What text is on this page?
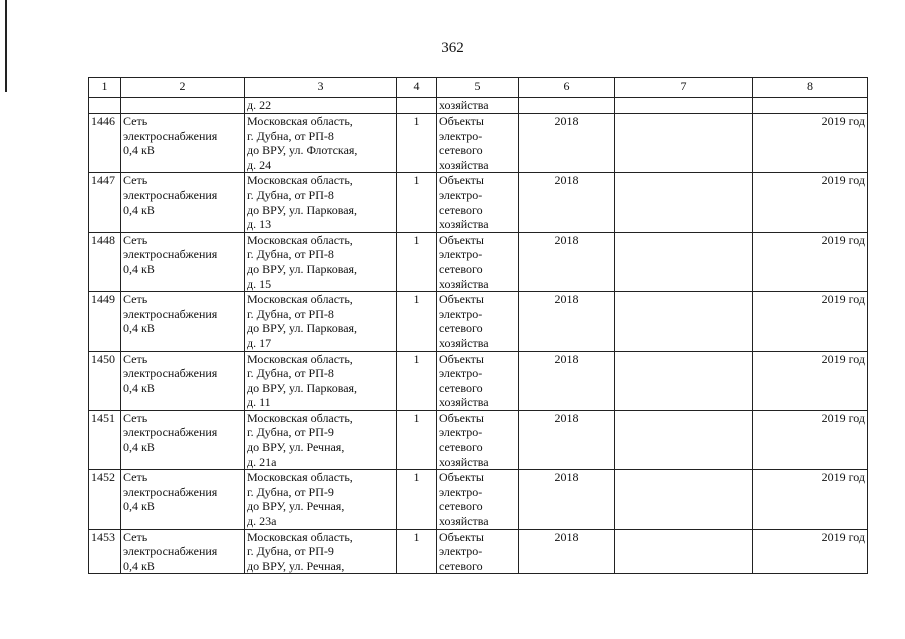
362
1	2	3	4	5	6	7	8
		д. 22		хозяйства			
1446	Сеть
электроснабжения
0,4 кВ	Московская область,
г. Дубна, от РП-8
до ВРУ, ул. Флотская,
д. 24	1	Объекты
электро-
сетевого
хозяйства	2018		2019 год
1447	Сеть
электроснабжения
0,4 кВ	Московская область,
г. Дубна, от РП-8
до ВРУ, ул. Парковая,
д. 13	1	Объекты
электро-
сетевого
хозяйства	2018		2019 год
1448	Сеть
электроснабжения
0,4 кВ	Московская область,
г. Дубна, от РП-8
до ВРУ, ул. Парковая,
д. 15	1	Объекты
электро-
сетевого
хозяйства	2018		2019 год
1449	Сеть
электроснабжения
0,4 кВ	Московская область,
г. Дубна, от РП-8
до ВРУ, ул. Парковая,
д. 17	1	Объекты
электро-
сетевого
хозяйства	2018		2019 год
1450	Сеть
электроснабжения
0,4 кВ	Московская область,
г. Дубна, от РП-8
до ВРУ, ул. Парковая,
д. 11	1	Объекты
электро-
сетевого
хозяйства	2018		2019 год
1451	Сеть
электроснабжения
0,4 кВ	Московская область,
г. Дубна, от РП-9
до ВРУ, ул. Речная,
д. 21а	1	Объекты
электро-
сетевого
хозяйства	2018		2019 год
1452	Сеть
электроснабжения
0,4 кВ	Московская область,
г. Дубна, от РП-9
до ВРУ, ул. Речная,
д. 23а	1	Объекты
электро-
сетевого
хозяйства	2018		2019 год
1453	Сеть
электроснабжения
0,4 кВ	Московская область,
г. Дубна, от РП-9
до ВРУ, ул. Речная,	1	Объекты
электро-
сетевого	2018		2019 год
